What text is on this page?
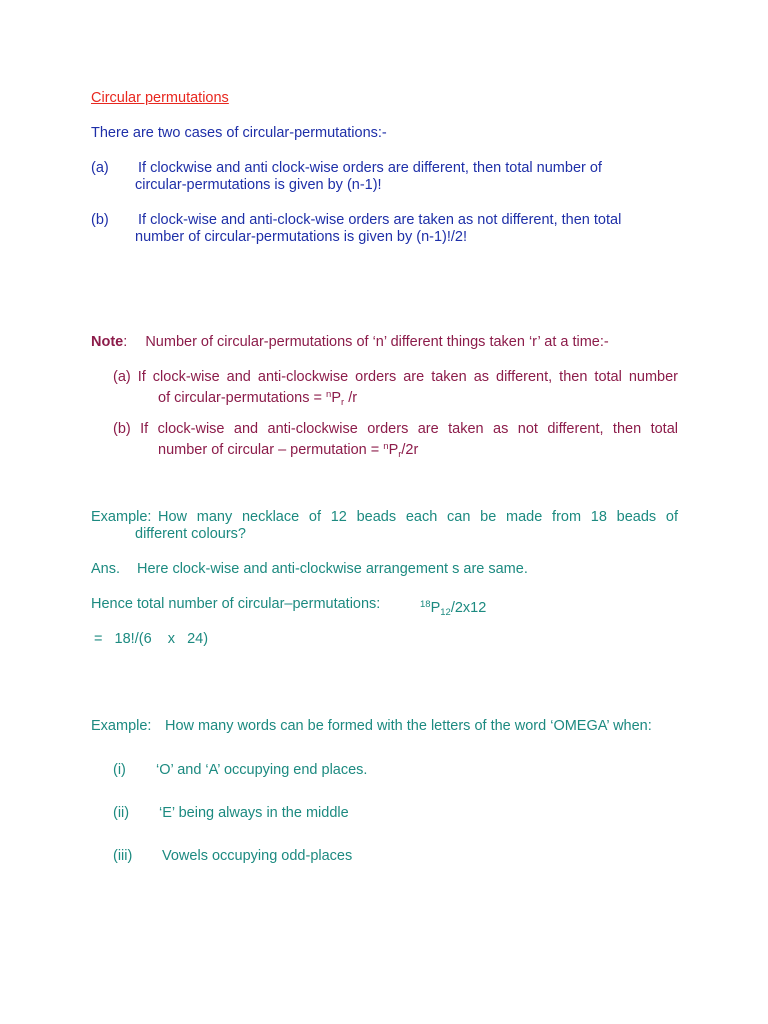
Circular permutations
There are two cases of circular-permutations:-
(a) If clockwise and anti clock-wise orders are different, then total number of
circular-permutations is given by (n-1)!
(b) If clock-wise and anti-clock-wise orders are taken as not different, then total
number of circular-permutations is given by (n-1)!/2!
Note: Number of circular-permutations of ‘n’ different things taken ‘r’ at a time:-
(a) If clock-wise and anti-clockwise orders are taken as different, then total number
of circular-permutations = $^nP_r$ /r
(b) If clock-wise and anti-clockwise orders are taken as not different, then total
number of circular – permutation = $^nP_r/2r$
Example: How many necklace of 12 beads each can be made from 18 beads of
different colours?
Ans. Here clock-wise and anti-clockwise arrangement s are same.
Hence total number of circular–permutations:	$^{18}P_{12}/2x12$
=   18!/(6    x   24)
Example: How many words can be formed with the letters of the word ‘OMEGA’ when:
(i) ‘O’ and ‘A’ occupying end places.
(ii) ‘E’ being always in the middle
(iii) Vowels occupying odd-places
